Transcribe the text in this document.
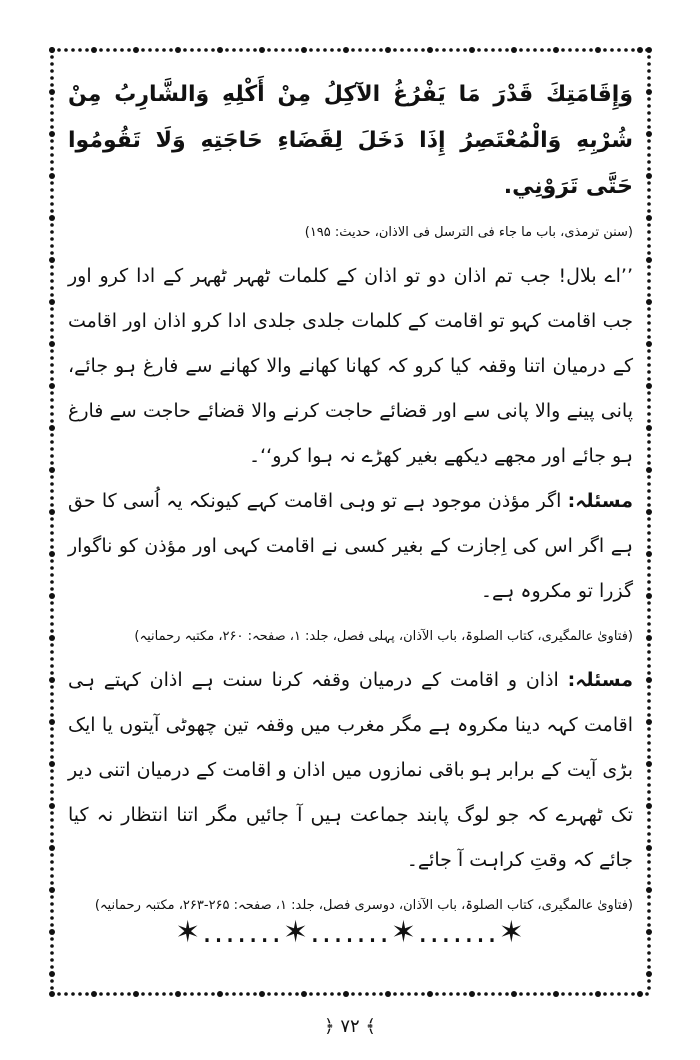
وَإِقَامَتِكَ قَدْرَ مَا يَفْرُغُ الآكِلُ مِنْ أَكْلِهِ وَالشَّارِبُ مِنْ شُرْبِهِ وَالْمُعْتَصِرُ إِذَا دَخَلَ لِقَضَاءِ حَاجَتِهِ وَلَا تَقُومُوا حَتَّى تَرَوْنِي.

(سنن ترمذی، باب ما جاء فی الترسل فی الاذان، حدیث: ۱۹۵)

’’اے بلال! جب تم اذان دو تو اذان کے کلمات ٹھہر ٹھہر کے ادا کرو اور جب اقامت کہو تو اقامت کے کلمات جلدی جلدی ادا کرو اذان اور اقامت کے درمیان اتنا وقفہ کیا کرو کہ کھانا کھانے والا کھانے سے فارغ ہو جائے، پانی پینے والا پانی سے اور قضائے حاجت کرنے والا قضائے حاجت سے فارغ ہو جائے اور مجھے دیکھے بغیر کھڑے نہ ہوا کرو‘‘۔

مسئلہ: اگر مؤذن موجود ہے تو وہی اقامت کہے کیونکہ یہ اُسی کا حق ہے اگر اس کی اِجازت کے بغیر کسی نے اقامت کہی اور مؤذن کو ناگوار گزرا تو مکروہ ہے۔

(فتاویٰ عالمگیری، کتاب الصلوۃ، باب الآذان، پہلی فصل، جلد: ۱، صفحہ: ۲۶۰، مکتبہ رحمانیہ)

مسئلہ: اذان و اقامت کے درمیان وقفہ کرنا سنت ہے اذان کہتے ہی اقامت کہہ دینا مکروہ ہے مگر مغرب میں وقفہ تین چھوٹی آیتوں یا ایک بڑی آیت کے برابر ہو باقی نمازوں میں اذان و اقامت کے درمیان اتنی دیر تک ٹھہرے کہ جو لوگ پابند جماعت ہیں آ جائیں مگر اتنا انتظار نہ کیا جائے کہ وقتِ کراہت آ جائے۔

(فتاویٰ عالمگیری، کتاب الصلوۃ، باب الآذان، دوسری فصل، جلد: ۱، صفحہ: ۲۶۵-۲۶۳، مکتبہ رحمانیہ)

✶.......✶.......✶.......✶
﴾ ۷۲ ﴿
